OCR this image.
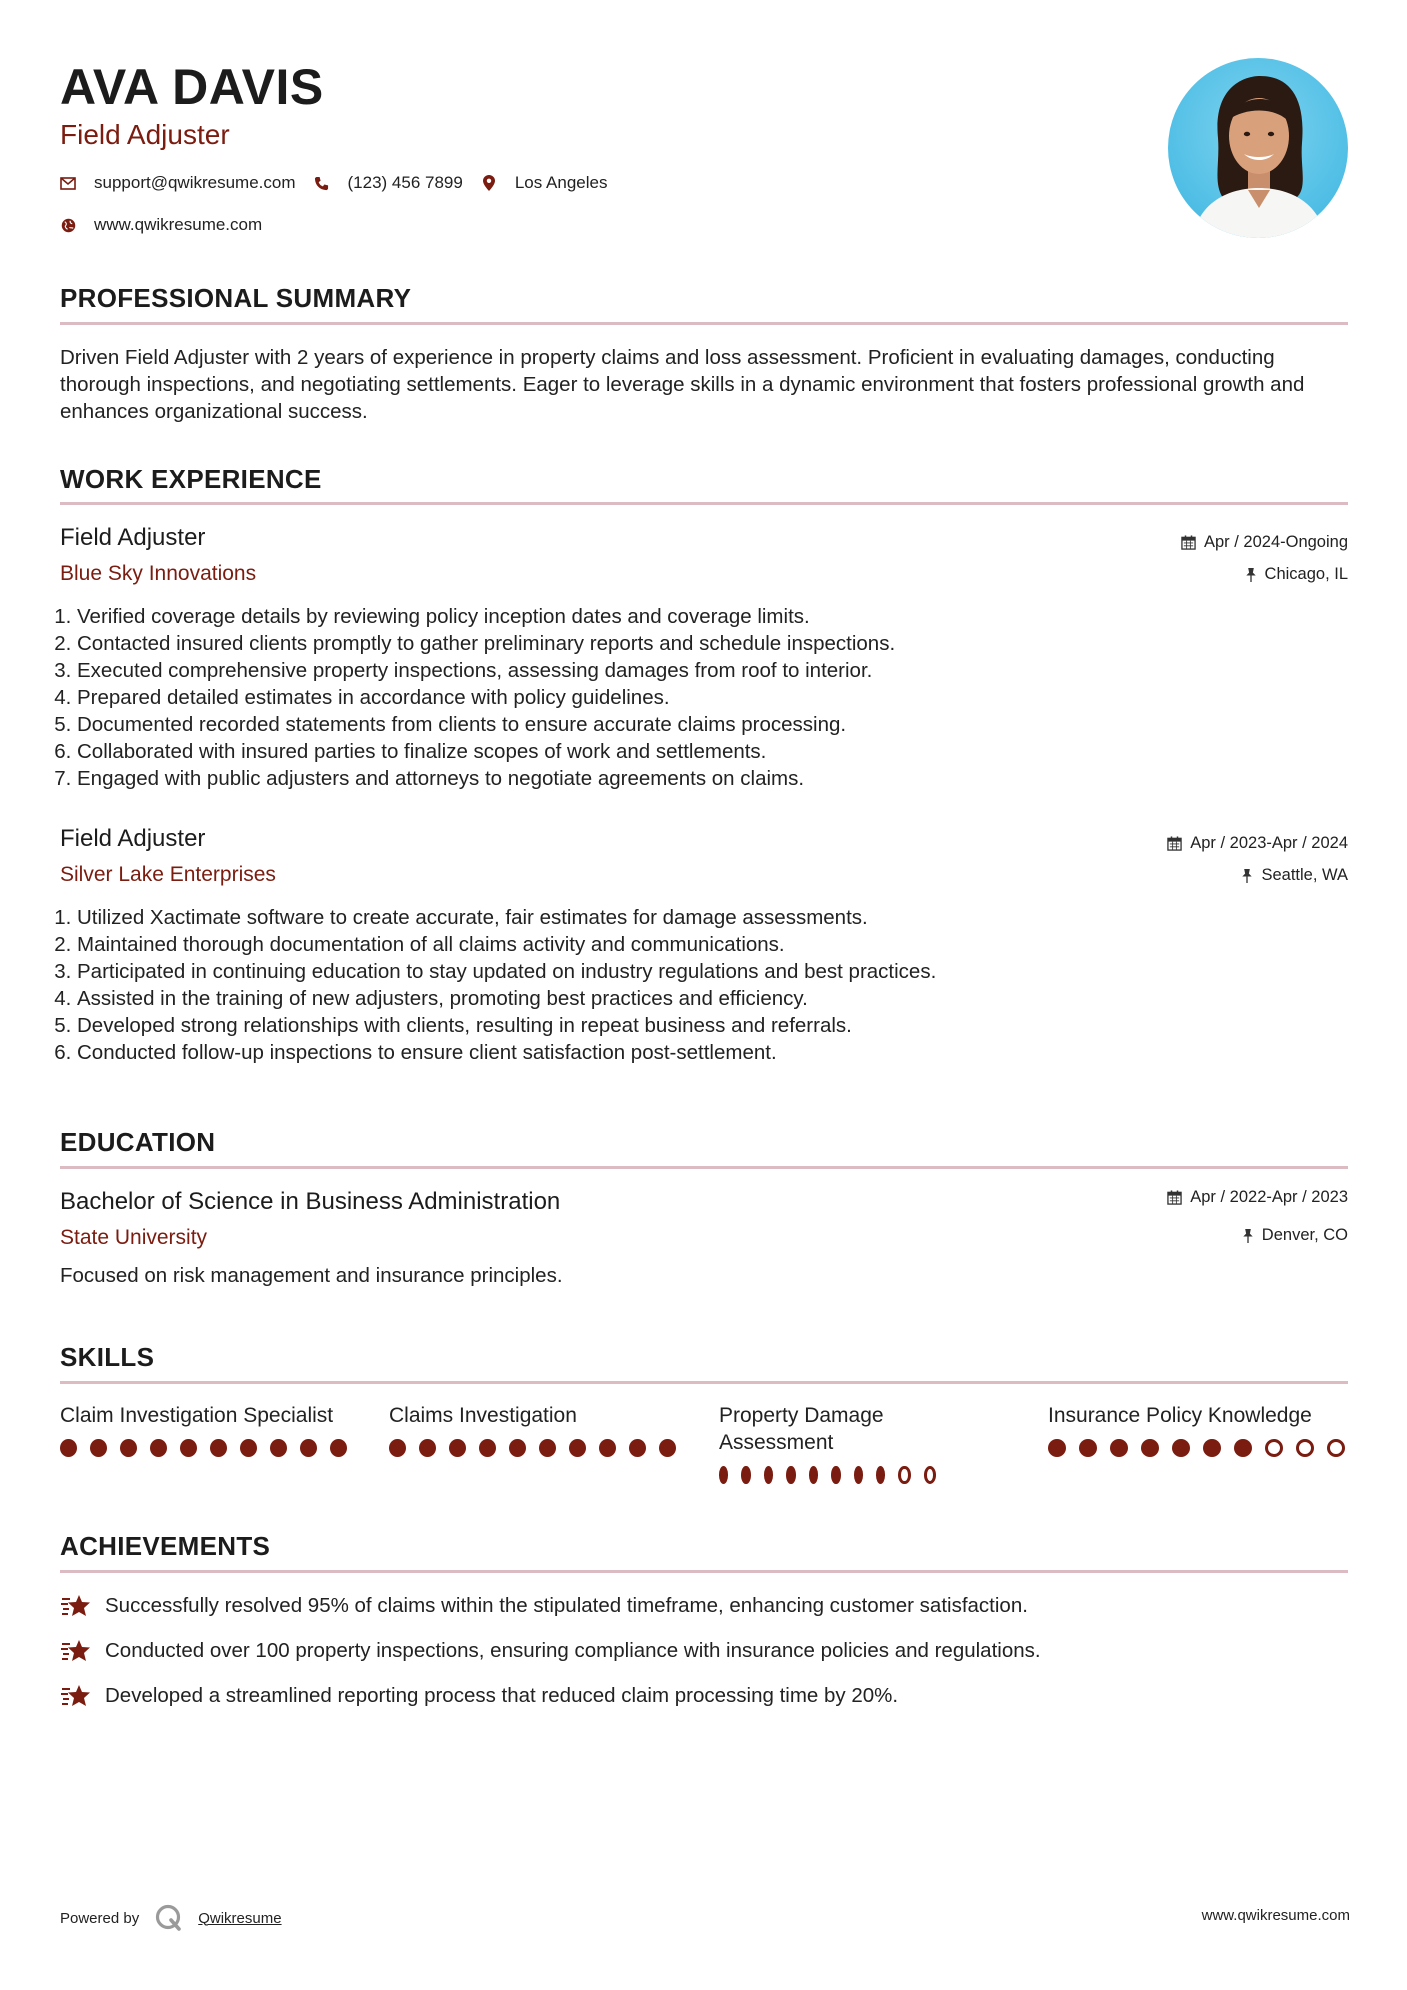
AVA DAVIS
Field Adjuster
support@qwikresume.com	(123) 456 7899	Los Angeles
www.qwikresume.com
PROFESSIONAL SUMMARY
Driven Field Adjuster with 2 years of experience in property claims and loss assessment. Proficient in evaluating damages, conducting thorough inspections, and negotiating settlements. Eager to leverage skills in a dynamic environment that fosters professional growth and enhances organizational success.
WORK EXPERIENCE
Field Adjuster
Blue Sky Innovations
Apr / 2024-Ongoing
Chicago, IL
1. Verified coverage details by reviewing policy inception dates and coverage limits.
2. Contacted insured clients promptly to gather preliminary reports and schedule inspections.
3. Executed comprehensive property inspections, assessing damages from roof to interior.
4. Prepared detailed estimates in accordance with policy guidelines.
5. Documented recorded statements from clients to ensure accurate claims processing.
6. Collaborated with insured parties to finalize scopes of work and settlements.
7. Engaged with public adjusters and attorneys to negotiate agreements on claims.
Field Adjuster
Silver Lake Enterprises
Apr / 2023-Apr / 2024
Seattle, WA
1. Utilized Xactimate software to create accurate, fair estimates for damage assessments.
2. Maintained thorough documentation of all claims activity and communications.
3. Participated in continuing education to stay updated on industry regulations and best practices.
4. Assisted in the training of new adjusters, promoting best practices and efficiency.
5. Developed strong relationships with clients, resulting in repeat business and referrals.
6. Conducted follow-up inspections to ensure client satisfaction post-settlement.
EDUCATION
Bachelor of Science in Business Administration
State University
Apr / 2022-Apr / 2023
Denver, CO
Focused on risk management and insurance principles.
SKILLS
Claim Investigation Specialist	Claims Investigation	Property Damage Assessment
Insurance Policy Knowledge
ACHIEVEMENTS
Successfully resolved 95% of claims within the stipulated timeframe, enhancing customer satisfaction.
Conducted over 100 property inspections, ensuring compliance with insurance policies and regulations.
Developed a streamlined reporting process that reduced claim processing time by 20%.
Powered by	Qwikresume	www.qwikresume.com
